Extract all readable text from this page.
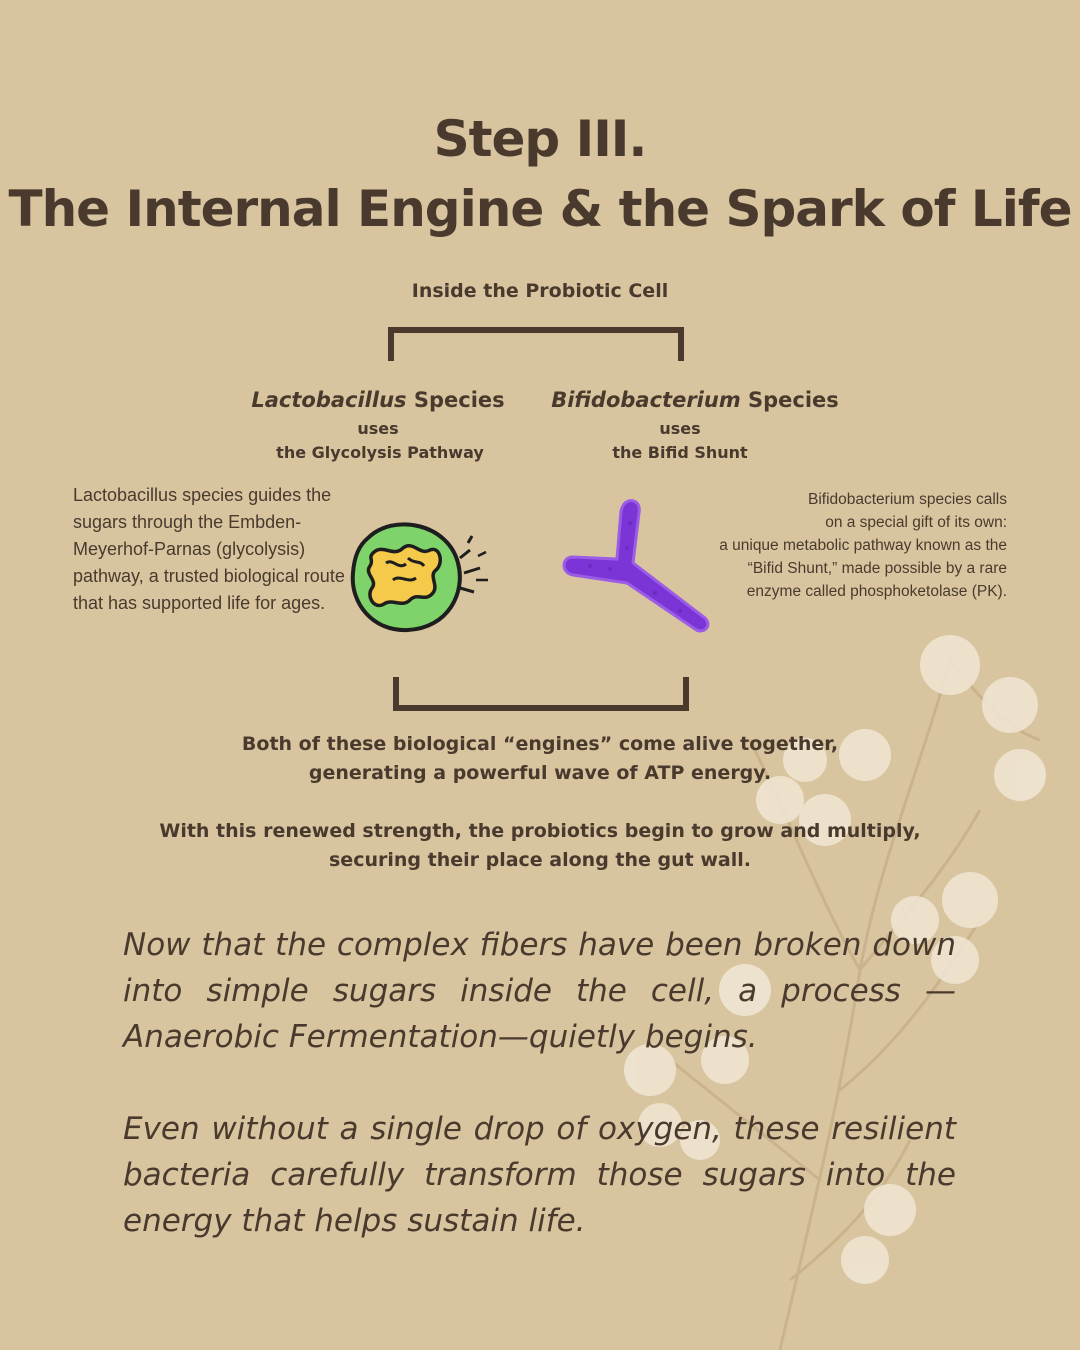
Step III.
The Internal Engine & the Spark of Life
Inside the Probiotic Cell
Lactobacillus Species
uses
the Glycolysis Pathway
Bifidobacterium Species
uses
the Bifid Shunt
Lactobacillus species guides the sugars through the Embden-Meyerhof-Parnas (glycolysis) pathway, a trusted biological route that has supported life for ages.
Bifidobacterium species calls
on a special gift of its own:
a unique metabolic pathway known as the
“Bifid Shunt,” made possible by a rare
enzyme called phosphoketolase (PK).
Both of these biological “engines” come alive together,
generating a powerful wave of ATP energy.
With this renewed strength, the probiotics begin to grow and multiply,
securing their place along the gut wall.
Now that the complex fibers have been broken down into simple sugars inside the cell, a process —Anaerobic Fermentation—quietly begins.
Even without a single drop of oxygen, these resilient bacteria carefully transform those sugars into the energy that helps sustain life.
